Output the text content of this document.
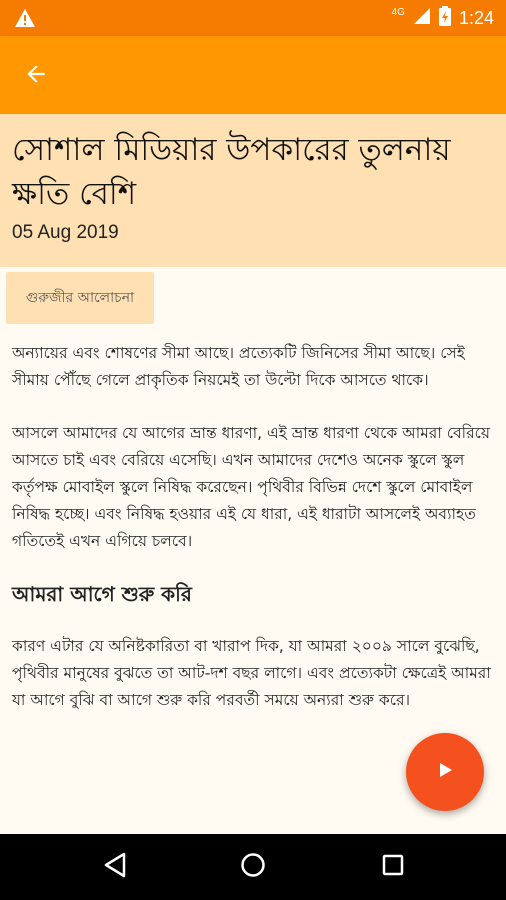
4G	1:24
সোশাল মিডিয়ার উপকারের তুলনায় ক্ষতি বেশি
05 Aug 2019
গুরুজীর আলোচনা

অন্যায়ের এবং শোষণের সীমা আছে। প্রত্যেকটি জিনিসের সীমা আছে। সেই সীমায় পৌঁছে গেলে প্রাকৃতিক নিয়মেই তা উল্টো দিকে আসতে থাকে।

আসলে আমাদের যে আগের ভ্রান্ত ধারণা, এই ভ্রান্ত ধারণা থেকে আমরা বেরিয়ে আসতে চাই এবং বেরিয়ে এসেছি। এখন আমাদের দেশেও অনেক স্কুলে স্কুল কর্তৃপক্ষ মোবাইল স্কুলে নিষিদ্ধ করেছেন। পৃথিবীর বিভিন্ন দেশে স্কুলে মোবাইল নিষিদ্ধ হচ্ছে। এবং নিষিদ্ধ হওয়ার এই যে ধারা, এই ধারাটা আসলেই অব্যাহত গতিতেই এখন এগিয়ে চলবে।

আমরা আগে শুরু করি

কারণ এটার যে অনিষ্টকারিতা বা খারাপ দিক, যা আমরা ২০০৯ সালে বুঝেছি, পৃথিবীর মানুষের বুঝতে তা আট-দশ বছর লাগে। এবং প্রত্যেকটা ক্ষেত্রেই আমরা যা আগে বুঝি বা আগে শুরু করি পরবর্তী সময়ে অন্যরা শুরু করে।
